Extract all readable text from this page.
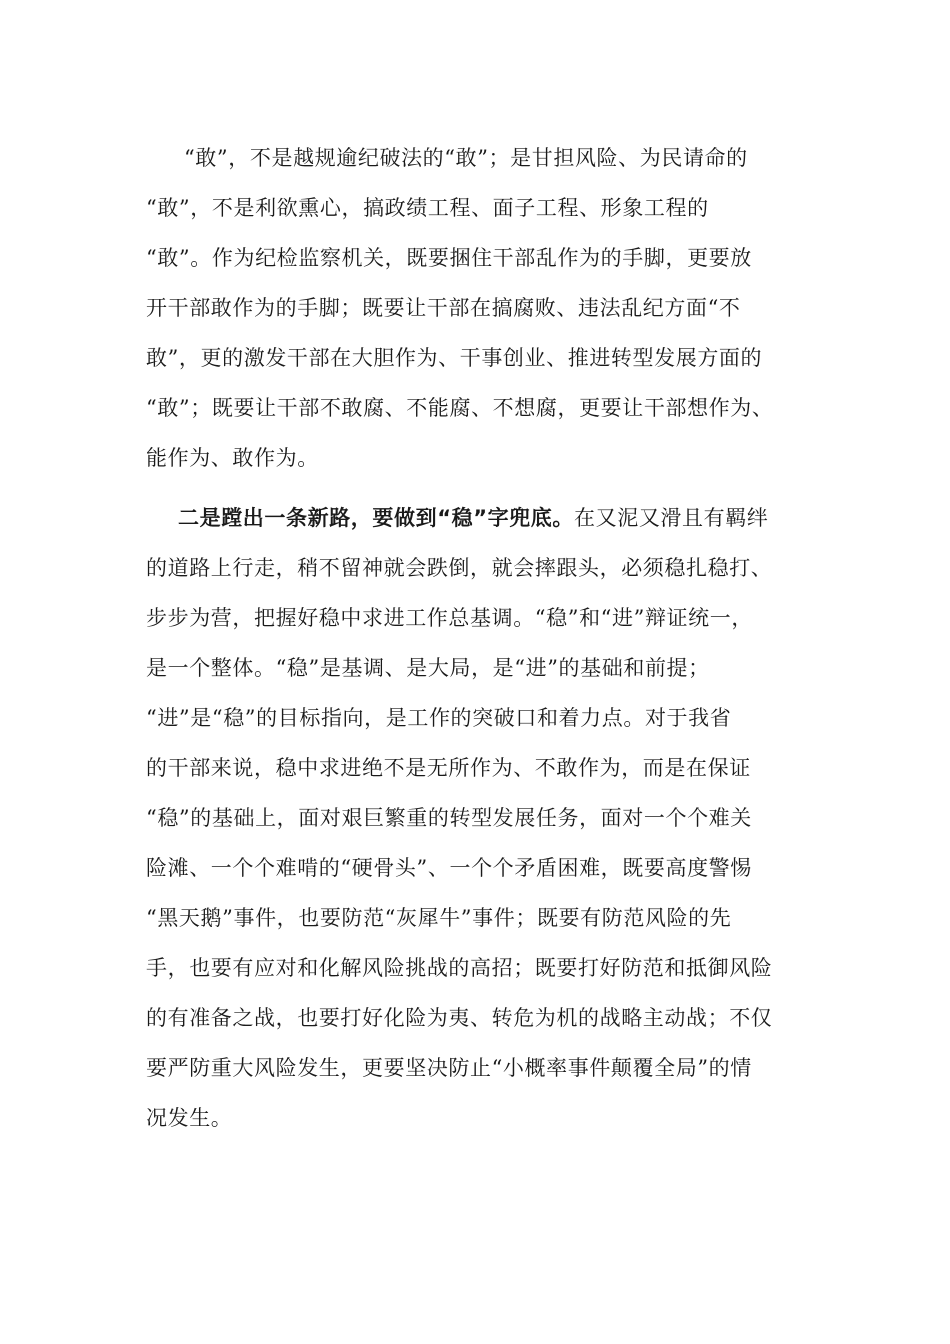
“敢”，不是越规逾纪破法的“敢”；是甘担风险、为民请命的
“敢”，不是利欲熏心，搞政绩工程、面子工程、形象工程的
“敢”。作为纪检监察机关，既要捆住干部乱作为的手脚，更要放
开干部敢作为的手脚；既要让干部在搞腐败、违法乱纪方面“不
敢”，更的激发干部在大胆作为、干事创业、推进转型发展方面的
“敢”；既要让干部不敢腐、不能腐、不想腐，更要让干部想作为、
能作为、敢作为。
二是蹚出一条新路，要做到“稳”字兜底。在又泥又滑且有羁绊
的道路上行走，稍不留神就会跌倒，就会摔跟头，必须稳扎稳打、
步步为营，把握好稳中求进工作总基调。“稳”和“进”辩证统一，
是一个整体。“稳”是基调、是大局，是“进”的基础和前提；
“进”是“稳”的目标指向，是工作的突破口和着力点。对于我省
的干部来说，稳中求进绝不是无所作为、不敢作为，而是在保证
“稳”的基础上，面对艰巨繁重的转型发展任务，面对一个个难关
险滩、一个个难啃的“硬骨头”、一个个矛盾困难，既要高度警惕
“黑天鹅”事件，也要防范“灰犀牛”事件；既要有防范风险的先
手，也要有应对和化解风险挑战的高招；既要打好防范和抵御风险
的有准备之战，也要打好化险为夷、转危为机的战略主动战；不仅
要严防重大风险发生，更要坚决防止“小概率事件颠覆全局”的情
况发生。
